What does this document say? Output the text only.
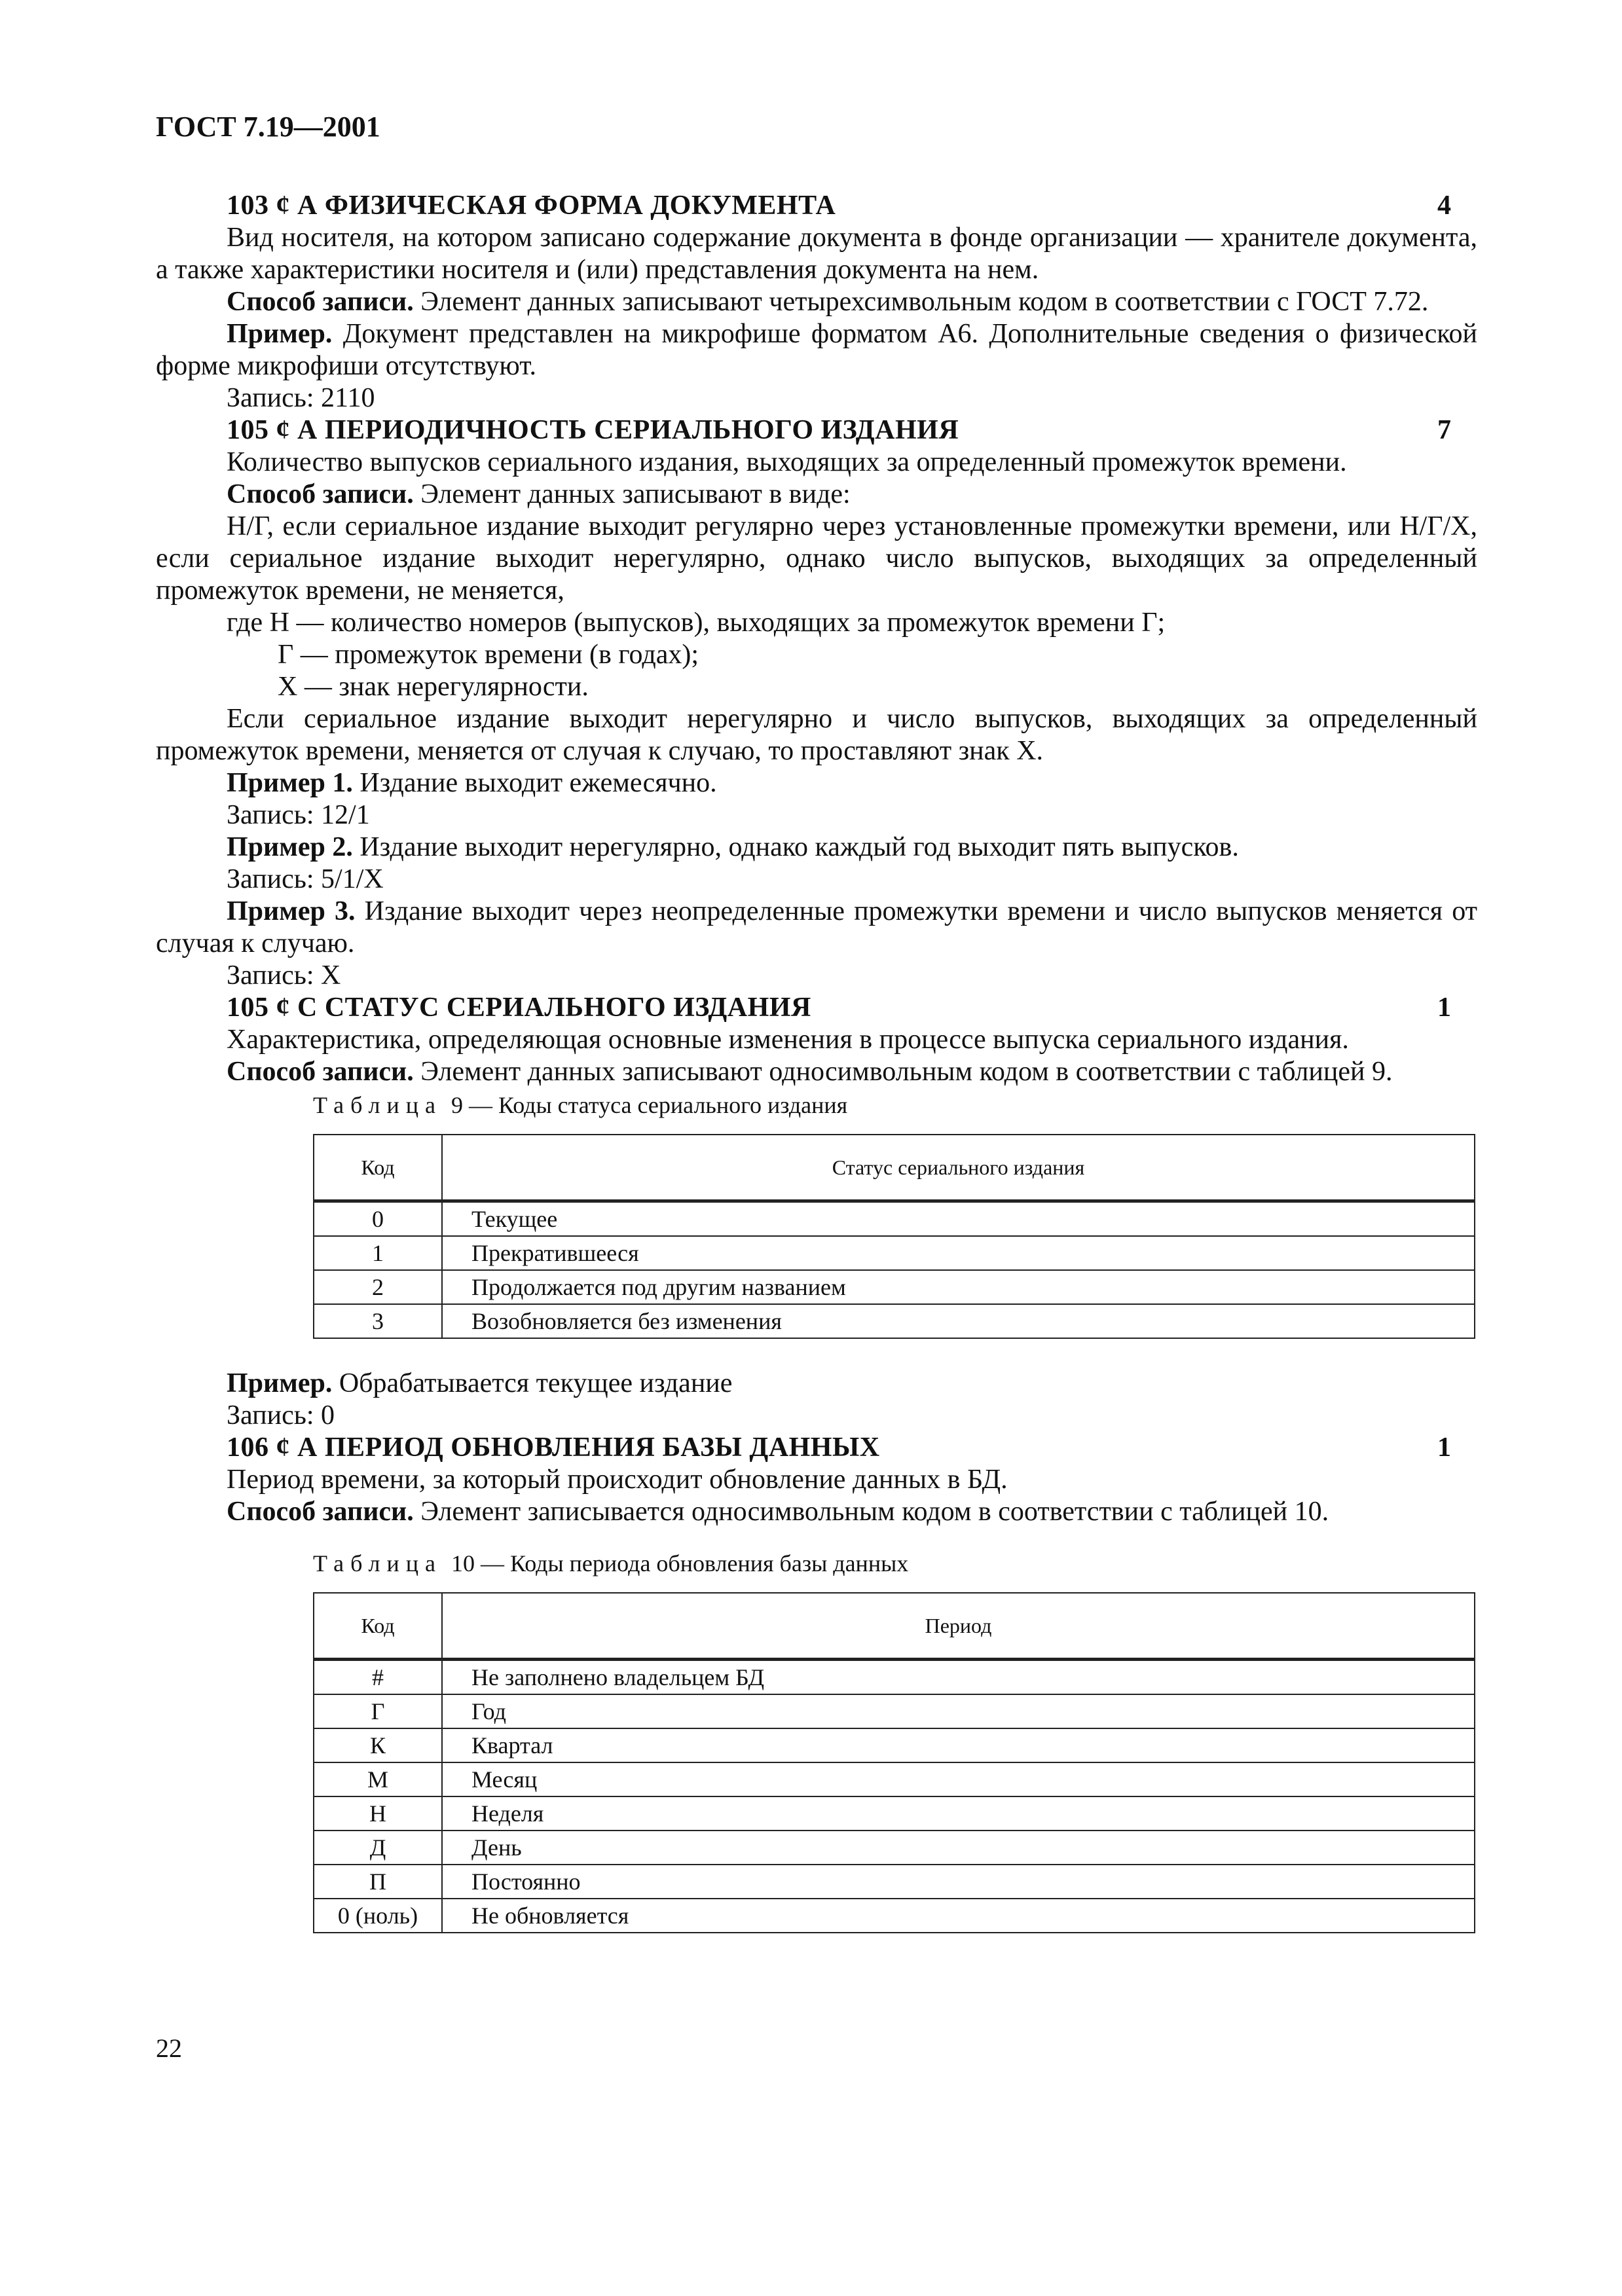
ГОСТ 7.19—2001
103 ¢ А ФИЗИЧЕСКАЯ ФОРМА ДОКУМЕНТА	4

Вид носителя, на котором записано содержание документа в фонде организации — хранителе документа, а также характеристики носителя и (или) представления документа на нем.

Способ записи. Элемент данных записывают четырехсимвольным кодом в соответствии с ГОСТ 7.72.

Пример. Документ представлен на микрофише форматом А6. Дополнительные сведения о физической форме микрофиши отсутствуют.

Запись: 2110

105 ¢ А ПЕРИОДИЧНОСТЬ СЕРИАЛЬНОГО ИЗДАНИЯ	7

Количество выпусков сериального издания, выходящих за определенный промежуток времени.

Способ записи. Элемент данных записывают в виде:

Н/Г, если сериальное издание выходит регулярно через установленные промежутки времени, или Н/Г/Х, если сериальное издание выходит нерегулярно, однако число выпусков, выходящих за определенный промежуток времени, не меняется,

где Н — количество номеров (выпусков), выходящих за промежуток времени Г;

Г — промежуток времени (в годах);

Х — знак нерегулярности.

Если сериальное издание выходит нерегулярно и число выпусков, выходящих за определенный промежуток времени, меняется от случая к случаю, то проставляют знак Х.

Пример 1. Издание выходит ежемесячно.

Запись: 12/1

Пример 2. Издание выходит нерегулярно, однако каждый год выходит пять выпусков.

Запись: 5/1/Х

Пример 3. Издание выходит через неопределенные промежутки времени и число выпусков меняется от случая к случаю.

Запись: Х

105 ¢ С СТАТУС СЕРИАЛЬНОГО ИЗДАНИЯ	1

Характеристика, определяющая основные изменения в процессе выпуска сериального издания.

Способ записи. Элемент данных записывают односимвольным кодом в соответствии с таблицей 9.

Таблица 9 — Коды статуса сериального издания
Код	Статус сериального издания
0	Текущее
1	Прекратившееся
2	Продолжается под другим названием
3	Возобновляется без изменения

Пример. Обрабатывается текущее издание

Запись: 0

106 ¢ А ПЕРИОД ОБНОВЛЕНИЯ БАЗЫ ДАННЫХ	1

Период времени, за который происходит обновление данных в БД.

Способ записи. Элемент записывается односимвольным кодом в соответствии с таблицей 10.

Таблица 10 — Коды периода обновления базы данных
Код	Период
#	Не заполнено владельцем БД
Г	Год
К	Квартал
М	Месяц
Н	Неделя
Д	День
П	Постоянно
0 (ноль)	Не обновляется
22
